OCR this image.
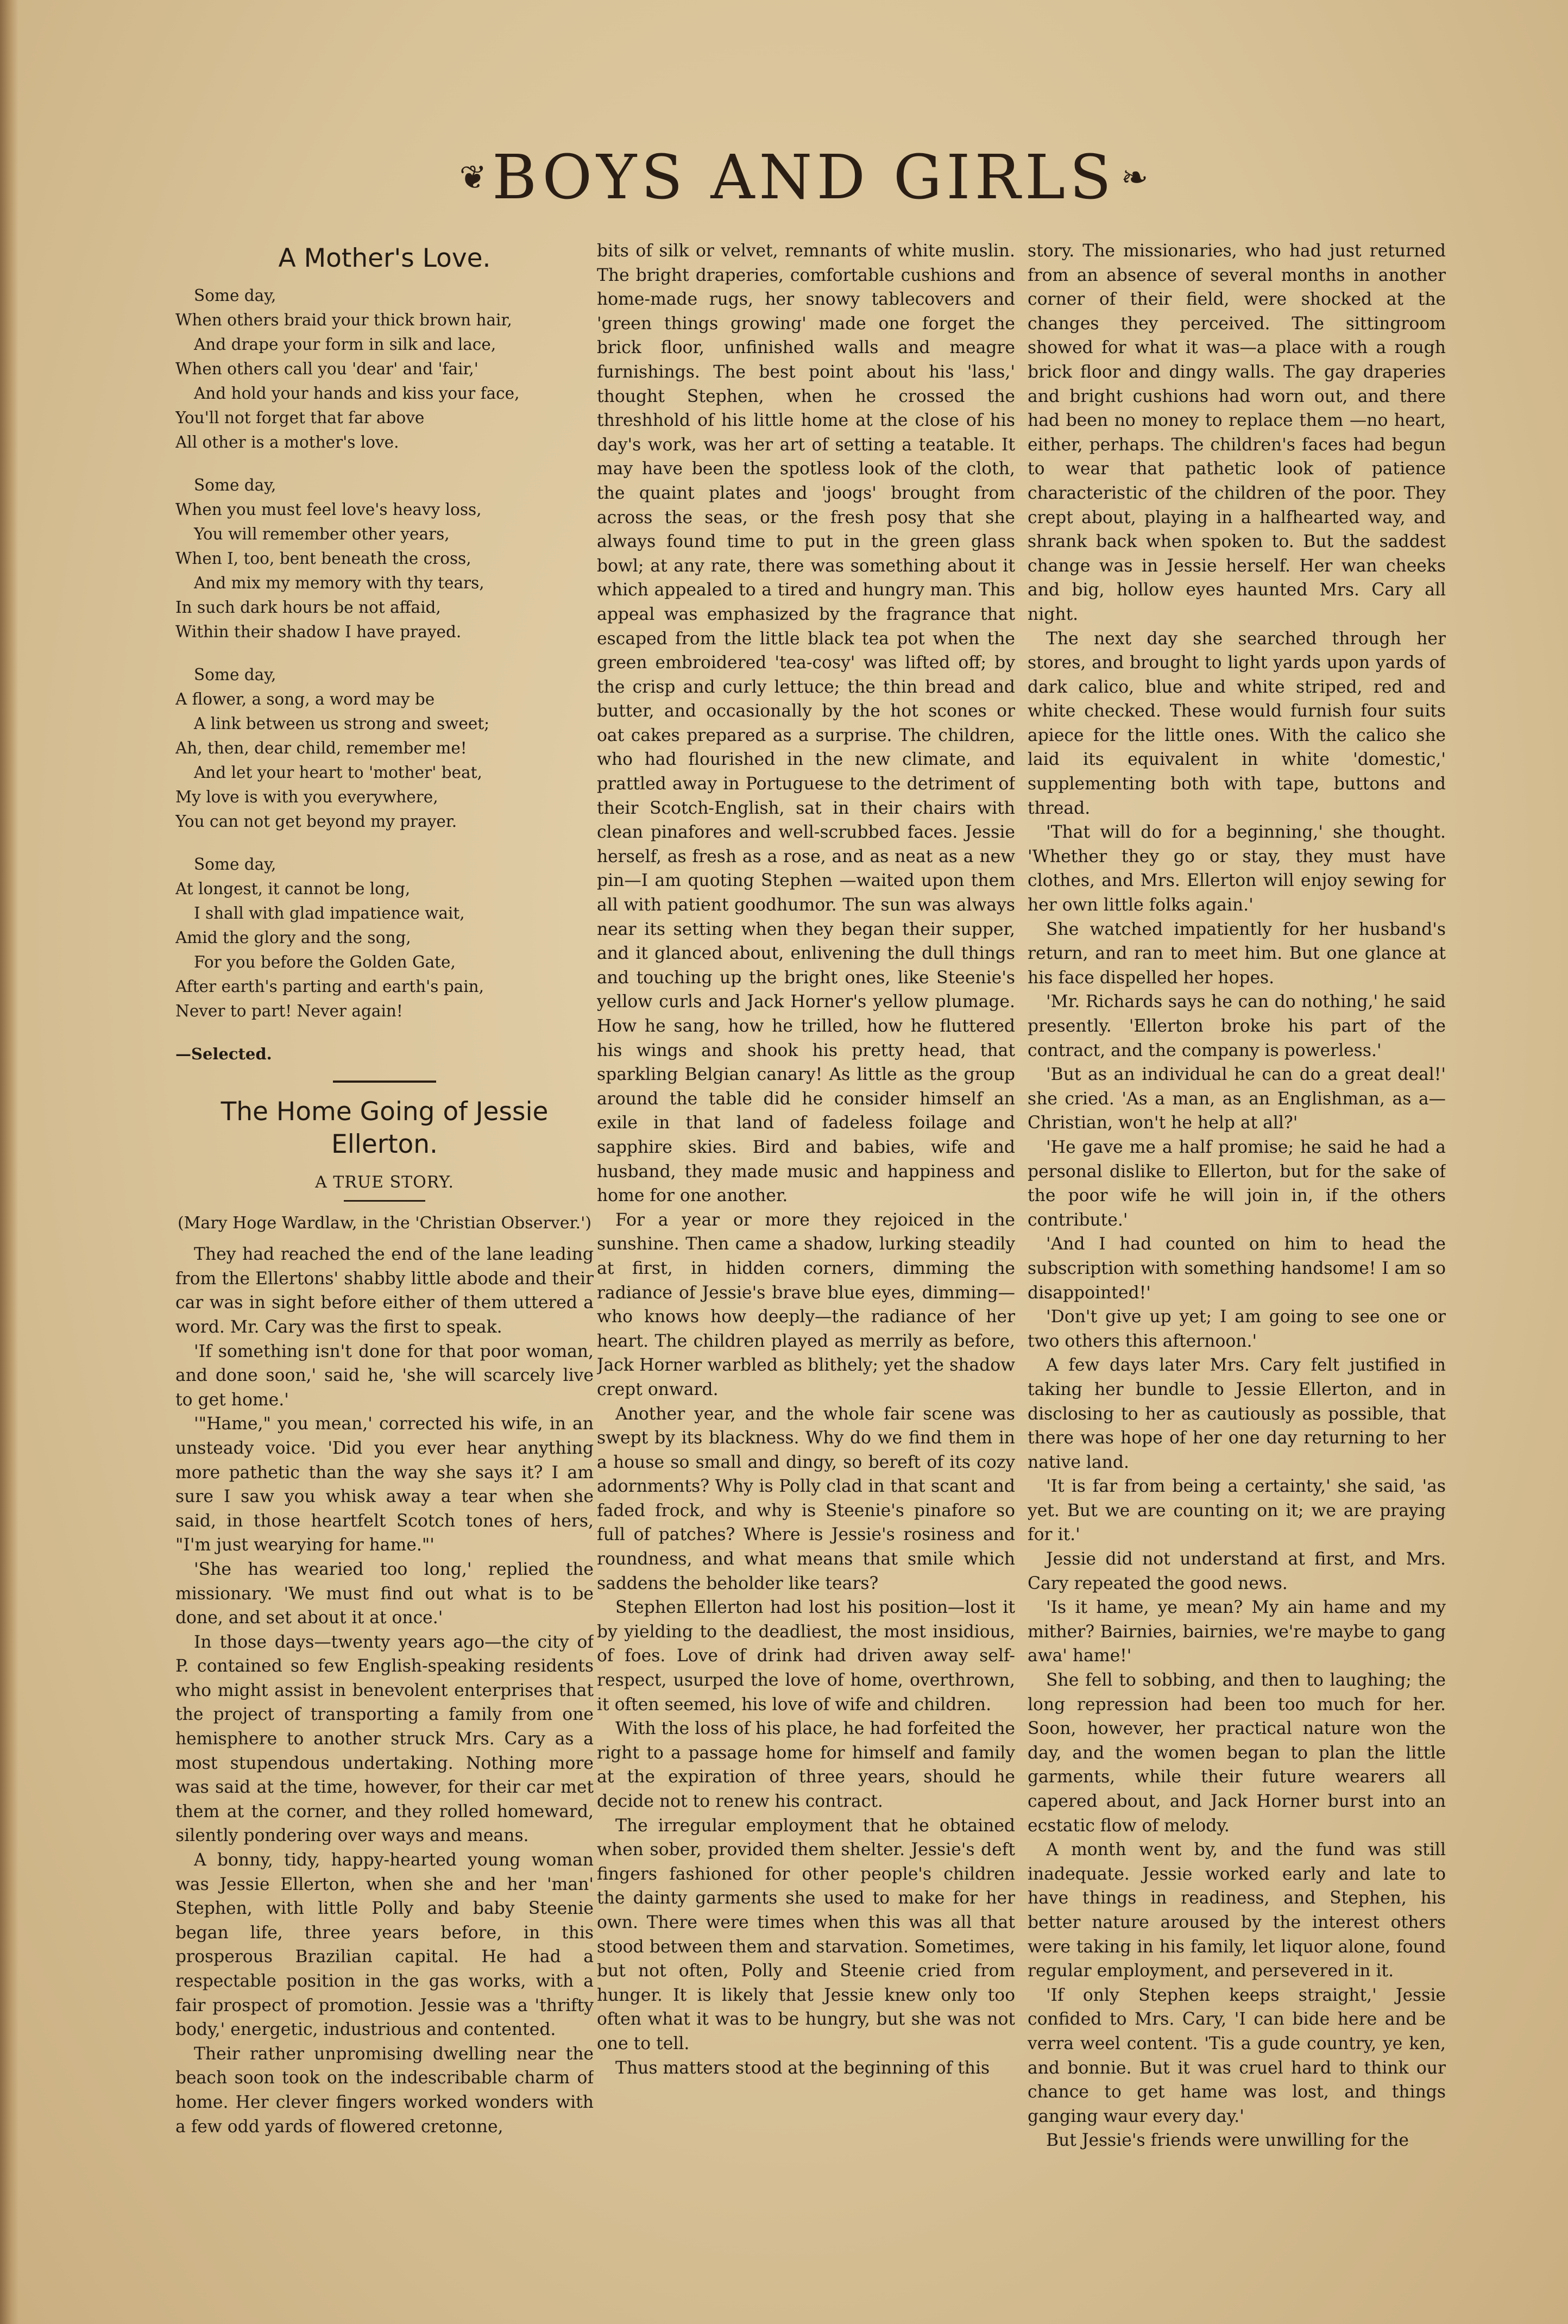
❦ BOYS AND GIRLS ❧
A Mother's Love.
Some day,
When others braid your thick brown hair,
And drape your form in silk and lace,
When others call you 'dear' and 'fair,'
And hold your hands and kiss your face,
You'll not forget that far above
All other is a mother's love.
Some day,
When you must feel love's heavy loss,
You will remember other years,
When I, too, bent beneath the cross,
And mix my memory with thy tears,
In such dark hours be not affaid,
Within their shadow I have prayed.
Some day,
A flower, a song, a word may be
A link between us strong and sweet;
Ah, then, dear child, remember me!
And let your heart to 'mother' beat,
My love is with you everywhere,
You can not get beyond my prayer.
Some day,
At longest, it cannot be long,
I shall with glad impatience wait,
Amid the glory and the song,
For you before the Golden Gate,
After earth's parting and earth's pain,
Never to part! Never again!
—Selected.
The Home Going of Jessie Ellerton.
A TRUE STORY.
(Mary Hoge Wardlaw, in the 'Christian Observer.')

They had reached the end of the lane leading from the Ellertons' shabby little abode and their car was in sight before either of them uttered a word. Mr. Cary was the first to speak.

'If something isn't done for that poor woman, and done soon,' said he, 'she will scarcely live to get home.'

'"Hame," you mean,' corrected his wife, in an unsteady voice. 'Did you ever hear anything more pathetic than the way she says it? I am sure I saw you whisk away a tear when she said, in those heartfelt Scotch tones of hers, "I'm just wearying for hame."'

'She has wearied too long,' replied the missionary. 'We must find out what is to be done, and set about it at once.'

In those days—twenty years ago—the city of P. contained so few English-speaking residents who might assist in benevolent enterprises that the project of transporting a family from one hemisphere to another struck Mrs. Cary as a most stupendous undertaking. Nothing more was said at the time, however, for their car met them at the corner, and they rolled homeward, silently pondering over ways and means.

A bonny, tidy, happy-hearted young woman was Jessie Ellerton, when she and her 'man' Stephen, with little Polly and baby Steenie began life, three years before, in this prosperous Brazilian capital. He had a respectable position in the gas works, with a fair prospect of promotion. Jessie was a 'thrifty body,' energetic, industrious and contented.

Their rather unpromising dwelling near the beach soon took on the indescribable charm of home. Her clever fingers worked wonders with a few odd yards of flowered cretonne,

bits of silk or velvet, remnants of white muslin. The bright draperies, comfortable cushions and home-made rugs, her snowy tablecovers and 'green things growing' made one forget the brick floor, unfinished walls and meagre furnishings. The best point about his 'lass,' thought Stephen, when he crossed the threshhold of his little home at the close of his day's work, was her art of setting a teatable. It may have been the spotless look of the cloth, the quaint plates and 'joogs' brought from across the seas, or the fresh posy that she always found time to put in the green glass bowl; at any rate, there was something about it which appealed to a tired and hungry man. This appeal was emphasized by the fragrance that escaped from the little black tea pot when the green embroidered 'tea-cosy' was lifted off; by the crisp and curly lettuce; the thin bread and butter, and occasionally by the hot scones or oat cakes prepared as a surprise. The children, who had flourished in the new climate, and prattled away in Portuguese to the detriment of their Scotch-English, sat in their chairs with clean pinafores and well-scrubbed faces. Jessie herself, as fresh as a rose, and as neat as a new pin—I am quoting Stephen —waited upon them all with patient goodhumor. The sun was always near its setting when they began their supper, and it glanced about, enlivening the dull things and touching up the bright ones, like Steenie's yellow curls and Jack Horner's yellow plumage. How he sang, how he trilled, how he fluttered his wings and shook his pretty head, that sparkling Belgian canary! As little as the group around the table did he consider himself an exile in that land of fadeless foilage and sapphire skies. Bird and babies, wife and husband, they made music and happiness and home for one another.

For a year or more they rejoiced in the sunshine. Then came a shadow, lurking steadily at first, in hidden corners, dimming the radiance of Jessie's brave blue eyes, dimming—who knows how deeply—the radiance of her heart. The children played as merrily as before, Jack Horner warbled as blithely; yet the shadow crept onward.

Another year, and the whole fair scene was swept by its blackness. Why do we find them in a house so small and dingy, so bereft of its cozy adornments? Why is Polly clad in that scant and faded frock, and why is Steenie's pinafore so full of patches? Where is Jessie's rosiness and roundness, and what means that smile which saddens the beholder like tears?

Stephen Ellerton had lost his position—lost it by yielding to the deadliest, the most insidious, of foes. Love of drink had driven away self-respect, usurped the love of home, overthrown, it often seemed, his love of wife and children.

With the loss of his place, he had forfeited the right to a passage home for himself and family at the expiration of three years, should he decide not to renew his contract.

The irregular employment that he obtained when sober, provided them shelter. Jessie's deft fingers fashioned for other people's children the dainty garments she used to make for her own. There were times when this was all that stood between them and starvation. Sometimes, but not often, Polly and Steenie cried from hunger. It is likely that Jessie knew only too often what it was to be hungry, but she was not one to tell.

Thus matters stood at the beginning of this

story. The missionaries, who had just returned from an absence of several months in another corner of their field, were shocked at the changes they perceived. The sittingroom showed for what it was—a place with a rough brick floor and dingy walls. The gay draperies and bright cushions had worn out, and there had been no money to replace them —no heart, either, perhaps. The children's faces had begun to wear that pathetic look of patience characteristic of the children of the poor. They crept about, playing in a halfhearted way, and shrank back when spoken to. But the saddest change was in Jessie herself. Her wan cheeks and big, hollow eyes haunted Mrs. Cary all night.

The next day she searched through her stores, and brought to light yards upon yards of dark calico, blue and white striped, red and white checked. These would furnish four suits apiece for the little ones. With the calico she laid its equivalent in white 'domestic,' supplementing both with tape, buttons and thread.

'That will do for a beginning,' she thought. 'Whether they go or stay, they must have clothes, and Mrs. Ellerton will enjoy sewing for her own little folks again.'

She watched impatiently for her husband's return, and ran to meet him. But one glance at his face dispelled her hopes.

'Mr. Richards says he can do nothing,' he said presently. 'Ellerton broke his part of the contract, and the company is powerless.'

'But as an individual he can do a great deal!' she cried. 'As a man, as an Englishman, as a—Christian, won't he help at all?'

'He gave me a half promise; he said he had a personal dislike to Ellerton, but for the sake of the poor wife he will join in, if the others contribute.'

'And I had counted on him to head the subscription with something handsome! I am so disappointed!'

'Don't give up yet; I am going to see one or two others this afternoon.'

A few days later Mrs. Cary felt justified in taking her bundle to Jessie Ellerton, and in disclosing to her as cautiously as possible, that there was hope of her one day returning to her native land.

'It is far from being a certainty,' she said, 'as yet. But we are counting on it; we are praying for it.'

Jessie did not understand at first, and Mrs. Cary repeated the good news.

'Is it hame, ye mean? My ain hame and my mither? Bairnies, bairnies, we're maybe to gang awa' hame!'

She fell to sobbing, and then to laughing; the long repression had been too much for her. Soon, however, her practical nature won the day, and the women began to plan the little garments, while their future wearers all capered about, and Jack Horner burst into an ecstatic flow of melody.

A month went by, and the fund was still inadequate. Jessie worked early and late to have things in readiness, and Stephen, his better nature aroused by the interest others were taking in his family, let liquor alone, found regular employment, and persevered in it.

'If only Stephen keeps straight,' Jessie confided to Mrs. Cary, 'I can bide here and be verra weel content. 'Tis a gude country, ye ken, and bonnie. But it was cruel hard to think our chance to get hame was lost, and things ganging waur every day.'

But Jessie's friends were unwilling for the
